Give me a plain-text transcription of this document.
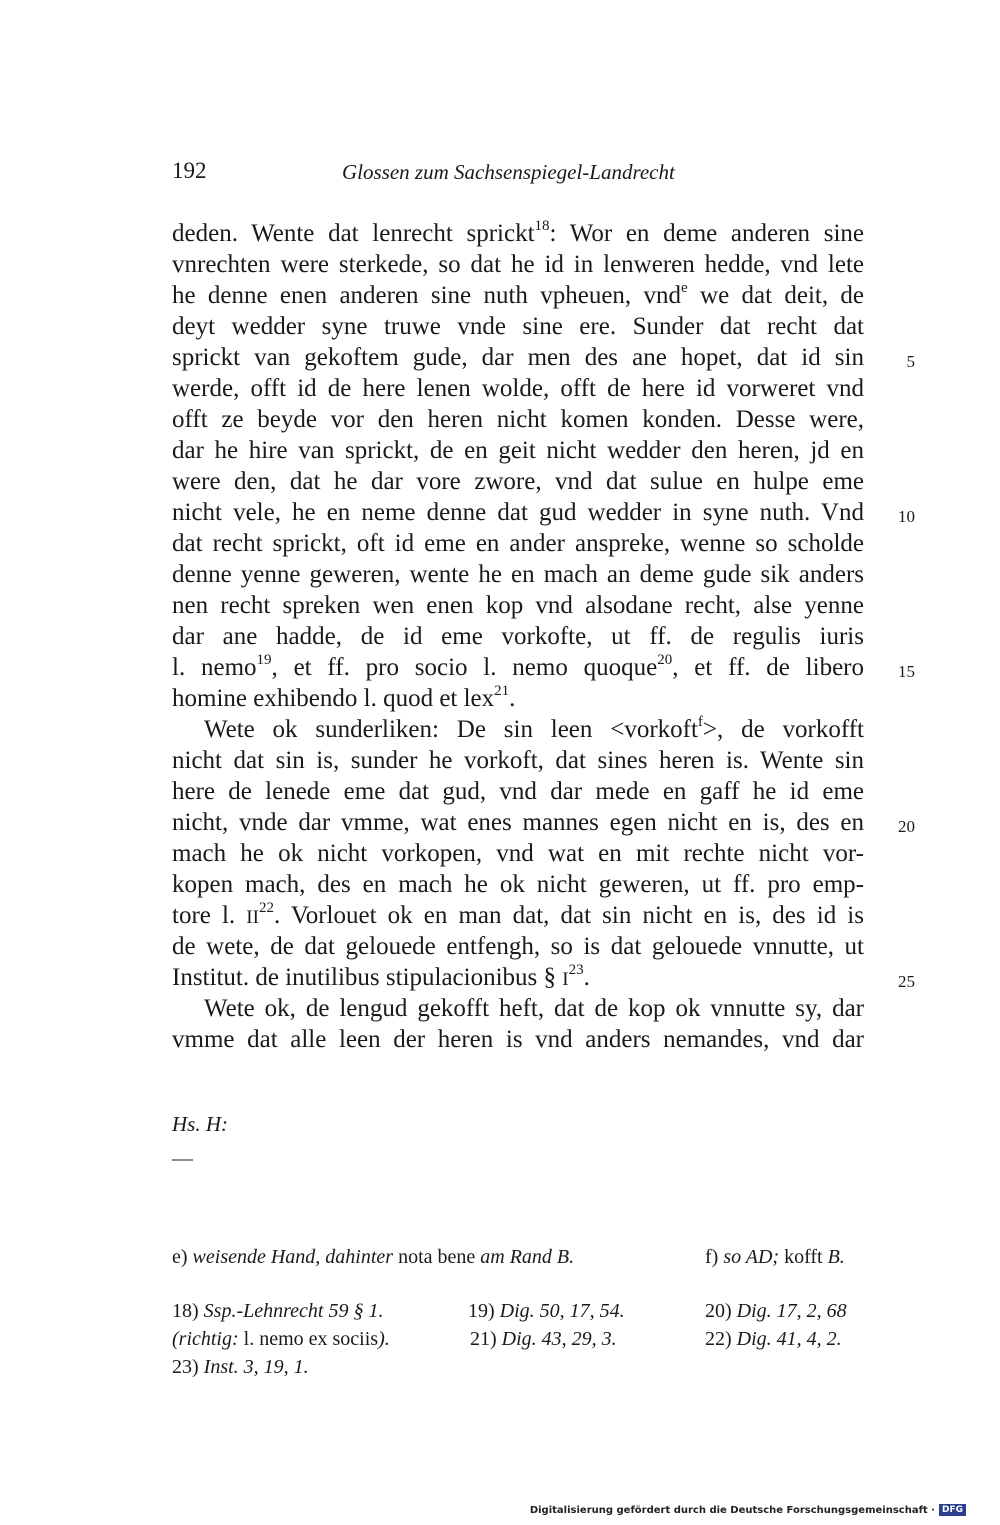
192	Glossen zum Sachsenspiegel-Landrecht
deden. Wente dat lenrecht sprickt$^{18}$: Wor en deme anderen sine
vnrechten were sterkede, so dat he id in lenweren hedde, vnd lete
he denne enen anderen sine nuth vpheuen, vnd$^e$ we dat deit, de
deyt wedder syne truwe vnde sine ere. Sunder dat recht dat
sprickt van gekoftem gude, dar men des ane hopet, dat id sin
werde, offt id de here lenen wolde, offt de here id vorweret vnd
offt ze beyde vor den heren nicht komen konden. Desse were,
dar he hire van sprickt, de en geit nicht wedder den heren, jd en
were den, dat he dar vore zwore, vnd dat sulue en hulpe eme
nicht vele, he en neme denne dat gud wedder in syne nuth. Vnd
dat recht sprickt, oft id eme en ander anspreke, wenne so scholde
denne yenne geweren, wente he en mach an deme gude sik anders
nen recht spreken wen enen kop vnd alsodane recht, alse yenne
dar ane hadde, de id eme vorkofte, ut ff. de regulis iuris
l. nemo$^{19}$, et ff. pro socio l. nemo quoque$^{20}$, et ff. de libero
homine exhibendo l. quod et lex$^{21}$.
Wete ok sunderliken: De sin leen <vorkoft$^f$>, de vorkofft
nicht dat sin is, sunder he vorkoft, dat sines heren is. Wente sin
here de lenede eme dat gud, vnd dar mede en gaff he id eme
nicht, vnde dar vmme, wat enes mannes egen nicht en is, des en
mach he ok nicht vorkopen, vnd wat en mit rechte nicht vor-
kopen mach, des en mach he ok nicht geweren, ut ff. pro emp-
tore l. II$^{22}$. Vorlouet ok en man dat, dat sin nicht en is, des id is
de wete, de dat gelouede entfengh, so is dat gelouede vnnutte, ut
Institut. de inutilibus stipulacionibus § $I^{23}$.
Wete ok, de lengud gekofft heft, dat de kop ok vnnutte sy, dar
vmme dat alle leen der heren is vnd anders nemandes, vnd dar
5
10
15
20
25
Hs. H:
—
e) weisende Hand, dahinter nota bene am Rand B.	f) so AD; kofft B.
18) Ssp.-Lehnrecht 59 § 1.	19) Dig. 50, 17, 54.	20) Dig. 17, 2, 68
(richtig: l. nemo ex sociis).	21) Dig. 43, 29, 3.	22) Dig. 41, 4, 2.
23) Inst. 3, 19, 1.
Digitalisierung gefördert durch die Deutsche Forschungsgemeinschaft · DFG
